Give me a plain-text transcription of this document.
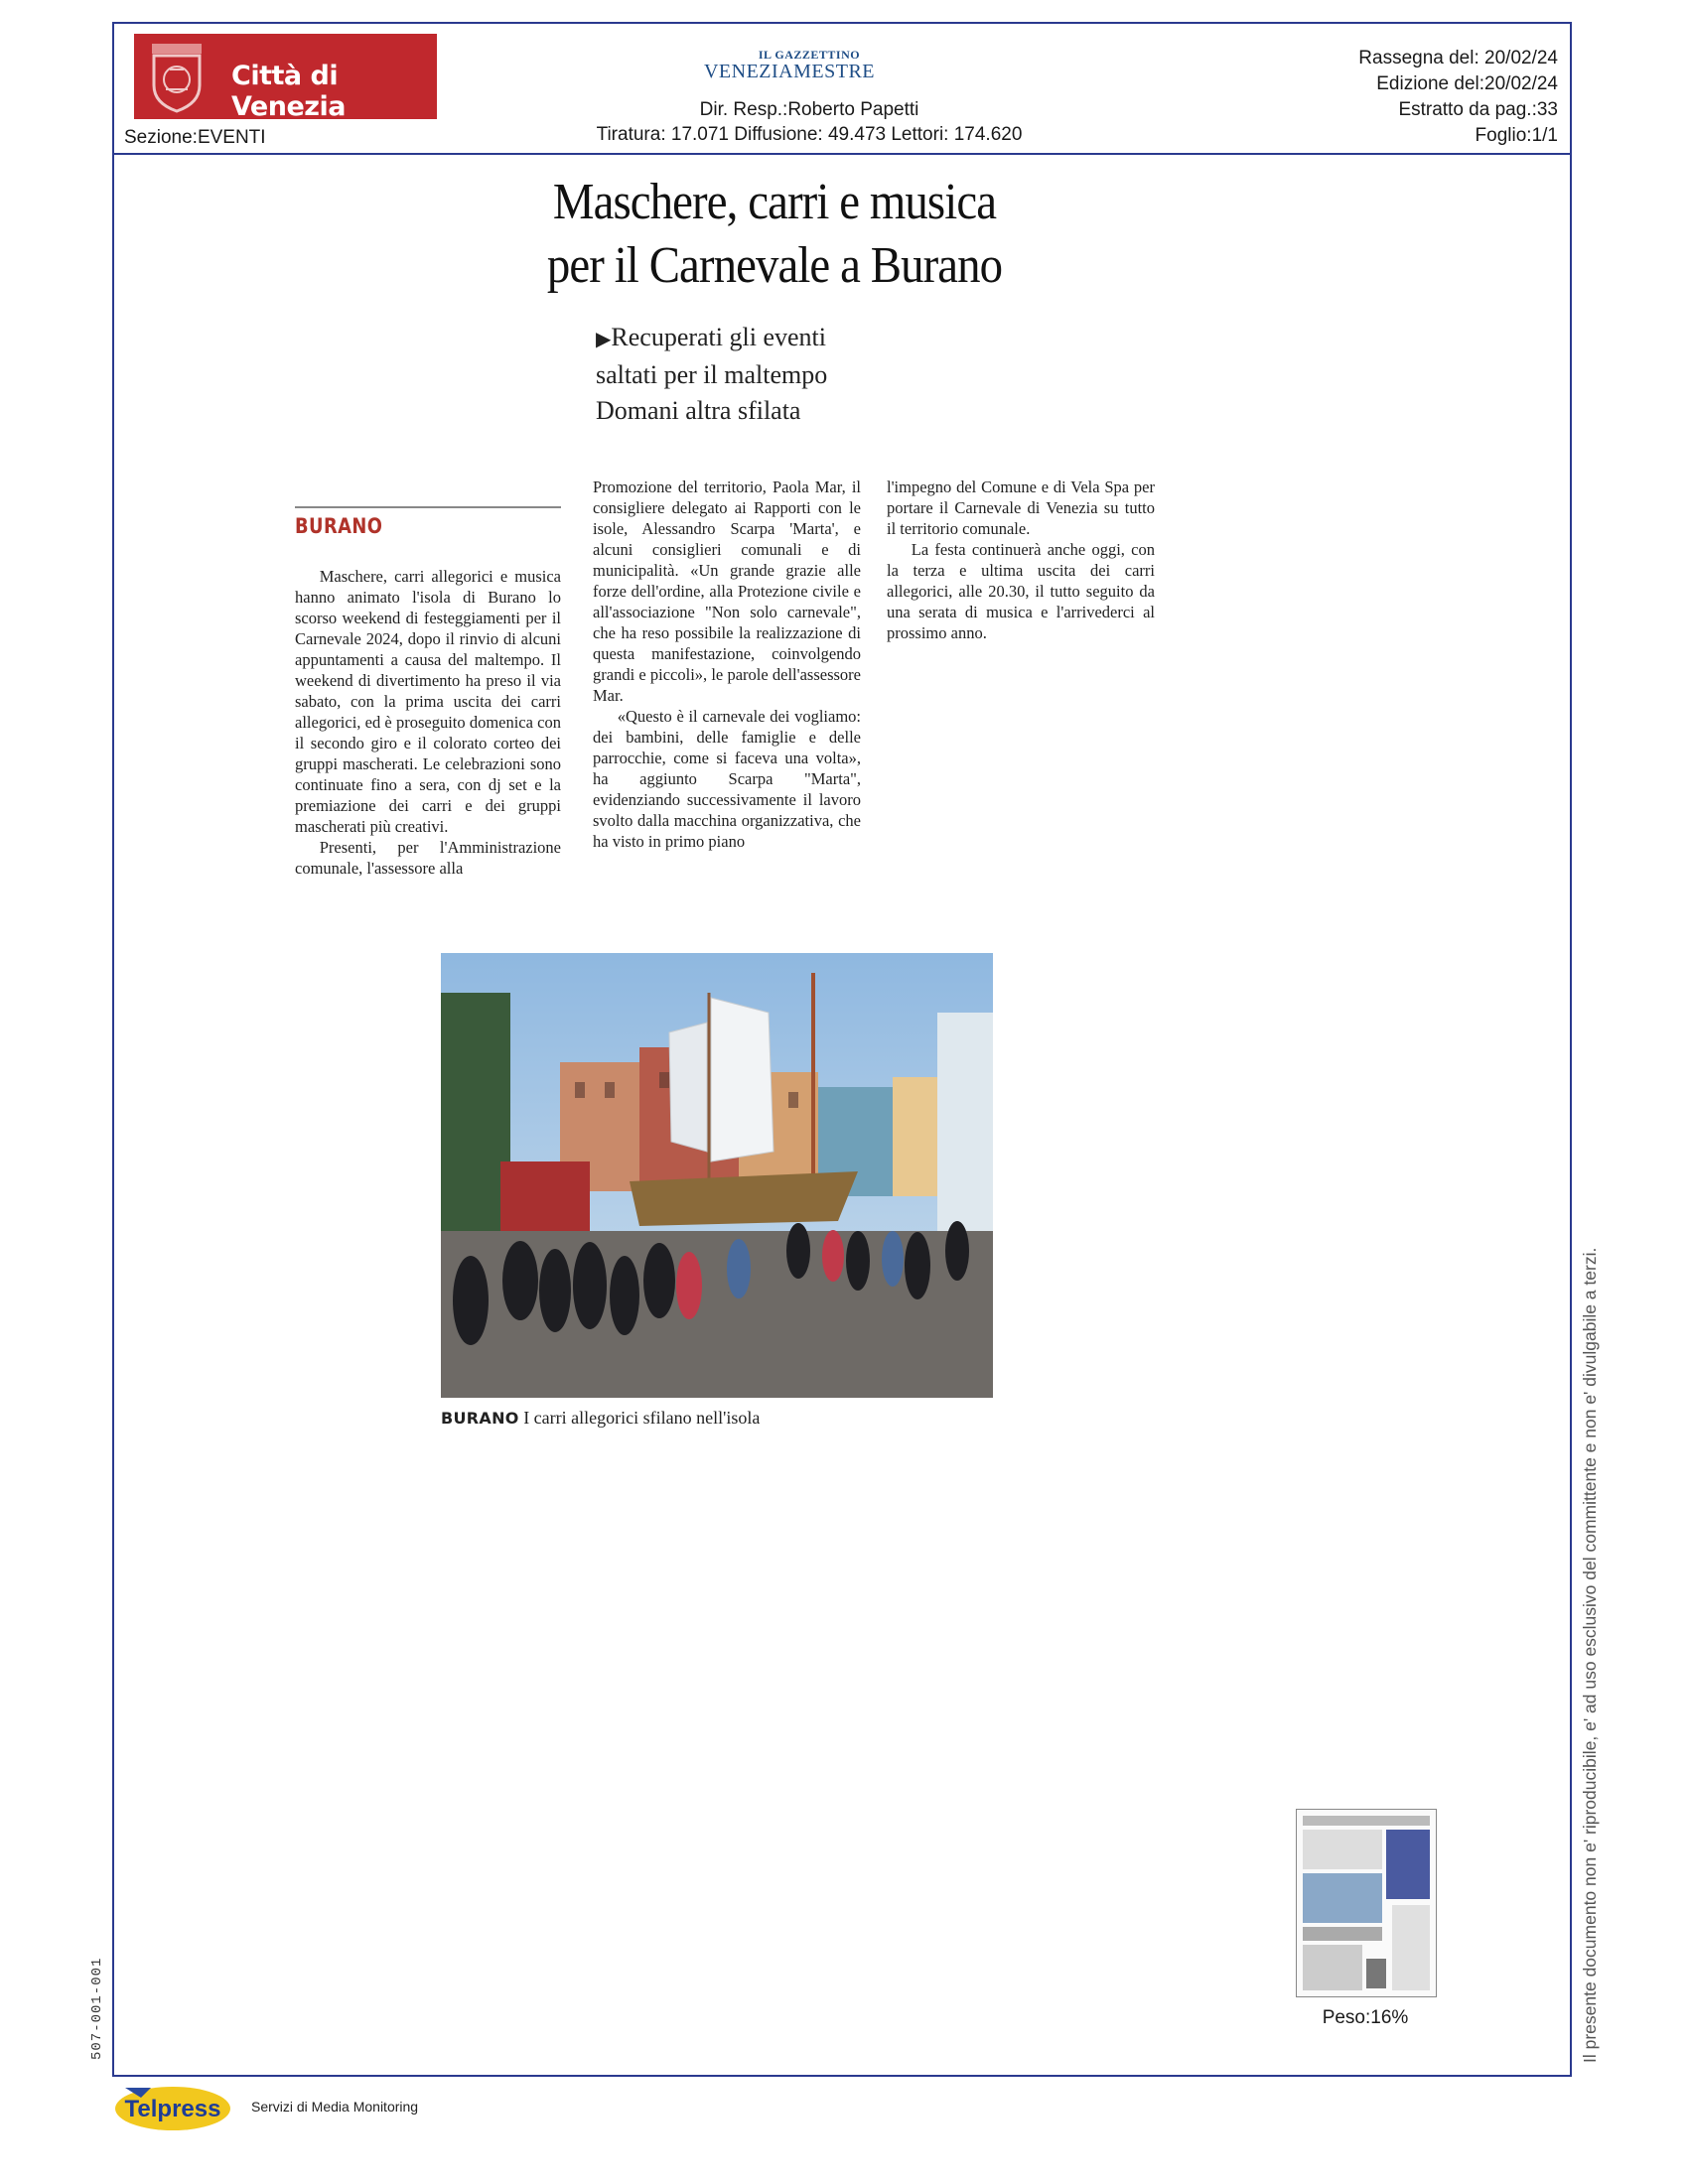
Città di Venezia
Sezione:EVENTI
IL GAZZETTINO
VENEZIAMESTRE
Dir. Resp.:Roberto Papetti
Tiratura: 17.071 Diffusione: 49.473 Lettori: 174.620
Rassegna del: 20/02/24
Edizione del:20/02/24
Estratto da pag.:33
Foglio:1/1
Maschere, carri e musica
per il Carnevale a Burano
▶Recuperati gli eventi
saltati per il maltempo
Domani altra sfilata
BURANO

Maschere, carri allegorici e musica hanno animato l'isola di Burano lo scorso weekend di festeggiamenti per il Carnevale 2024, dopo il rinvio di alcuni appuntamenti a causa del maltempo. Il weekend di divertimento ha preso il via sabato, con la prima uscita dei carri allegorici, ed è proseguito domenica con il secondo giro e il colorato corteo dei gruppi mascherati. Le celebrazioni sono continuate fino a sera, con dj set e la premiazione dei carri e dei gruppi mascherati più creativi.

Presenti, per l'Amministrazione comunale, l'assessore alla

Promozione del territorio, Paola Mar, il consigliere delegato ai Rapporti con le isole, Alessandro Scarpa 'Marta', e alcuni consiglieri comunali e di municipalità. «Un grande grazie alle forze dell'ordine, alla Protezione civile e all'associazione "Non solo carnevale", che ha reso possibile la realizzazione di questa manifestazione, coinvolgendo grandi e piccoli», le parole dell'assessore Mar.

«Questo è il carnevale dei vogliamo: dei bambini, delle famiglie e delle parrocchie, come si faceva una volta», ha aggiunto Scarpa "Marta", evidenziando successivamente il lavoro svolto dalla macchina organizzativa, che ha visto in primo piano

l'impegno del Comune e di Vela Spa per portare il Carnevale di Venezia su tutto il territorio comunale.

La festa continuerà anche oggi, con la terza e ultima uscita dei carri allegorici, alle 20.30, il tutto seguito da una serata di musica e l'arrivederci al prossimo anno.

BURANO I carri allegorici sfilano nell'isola
Peso:16%	Il presente documento non e' riproducibile, e' ad uso esclusivo del committente e non e' divulgabile a terzi.
507-001-001
Telpress Servizi di Media Monitoring
